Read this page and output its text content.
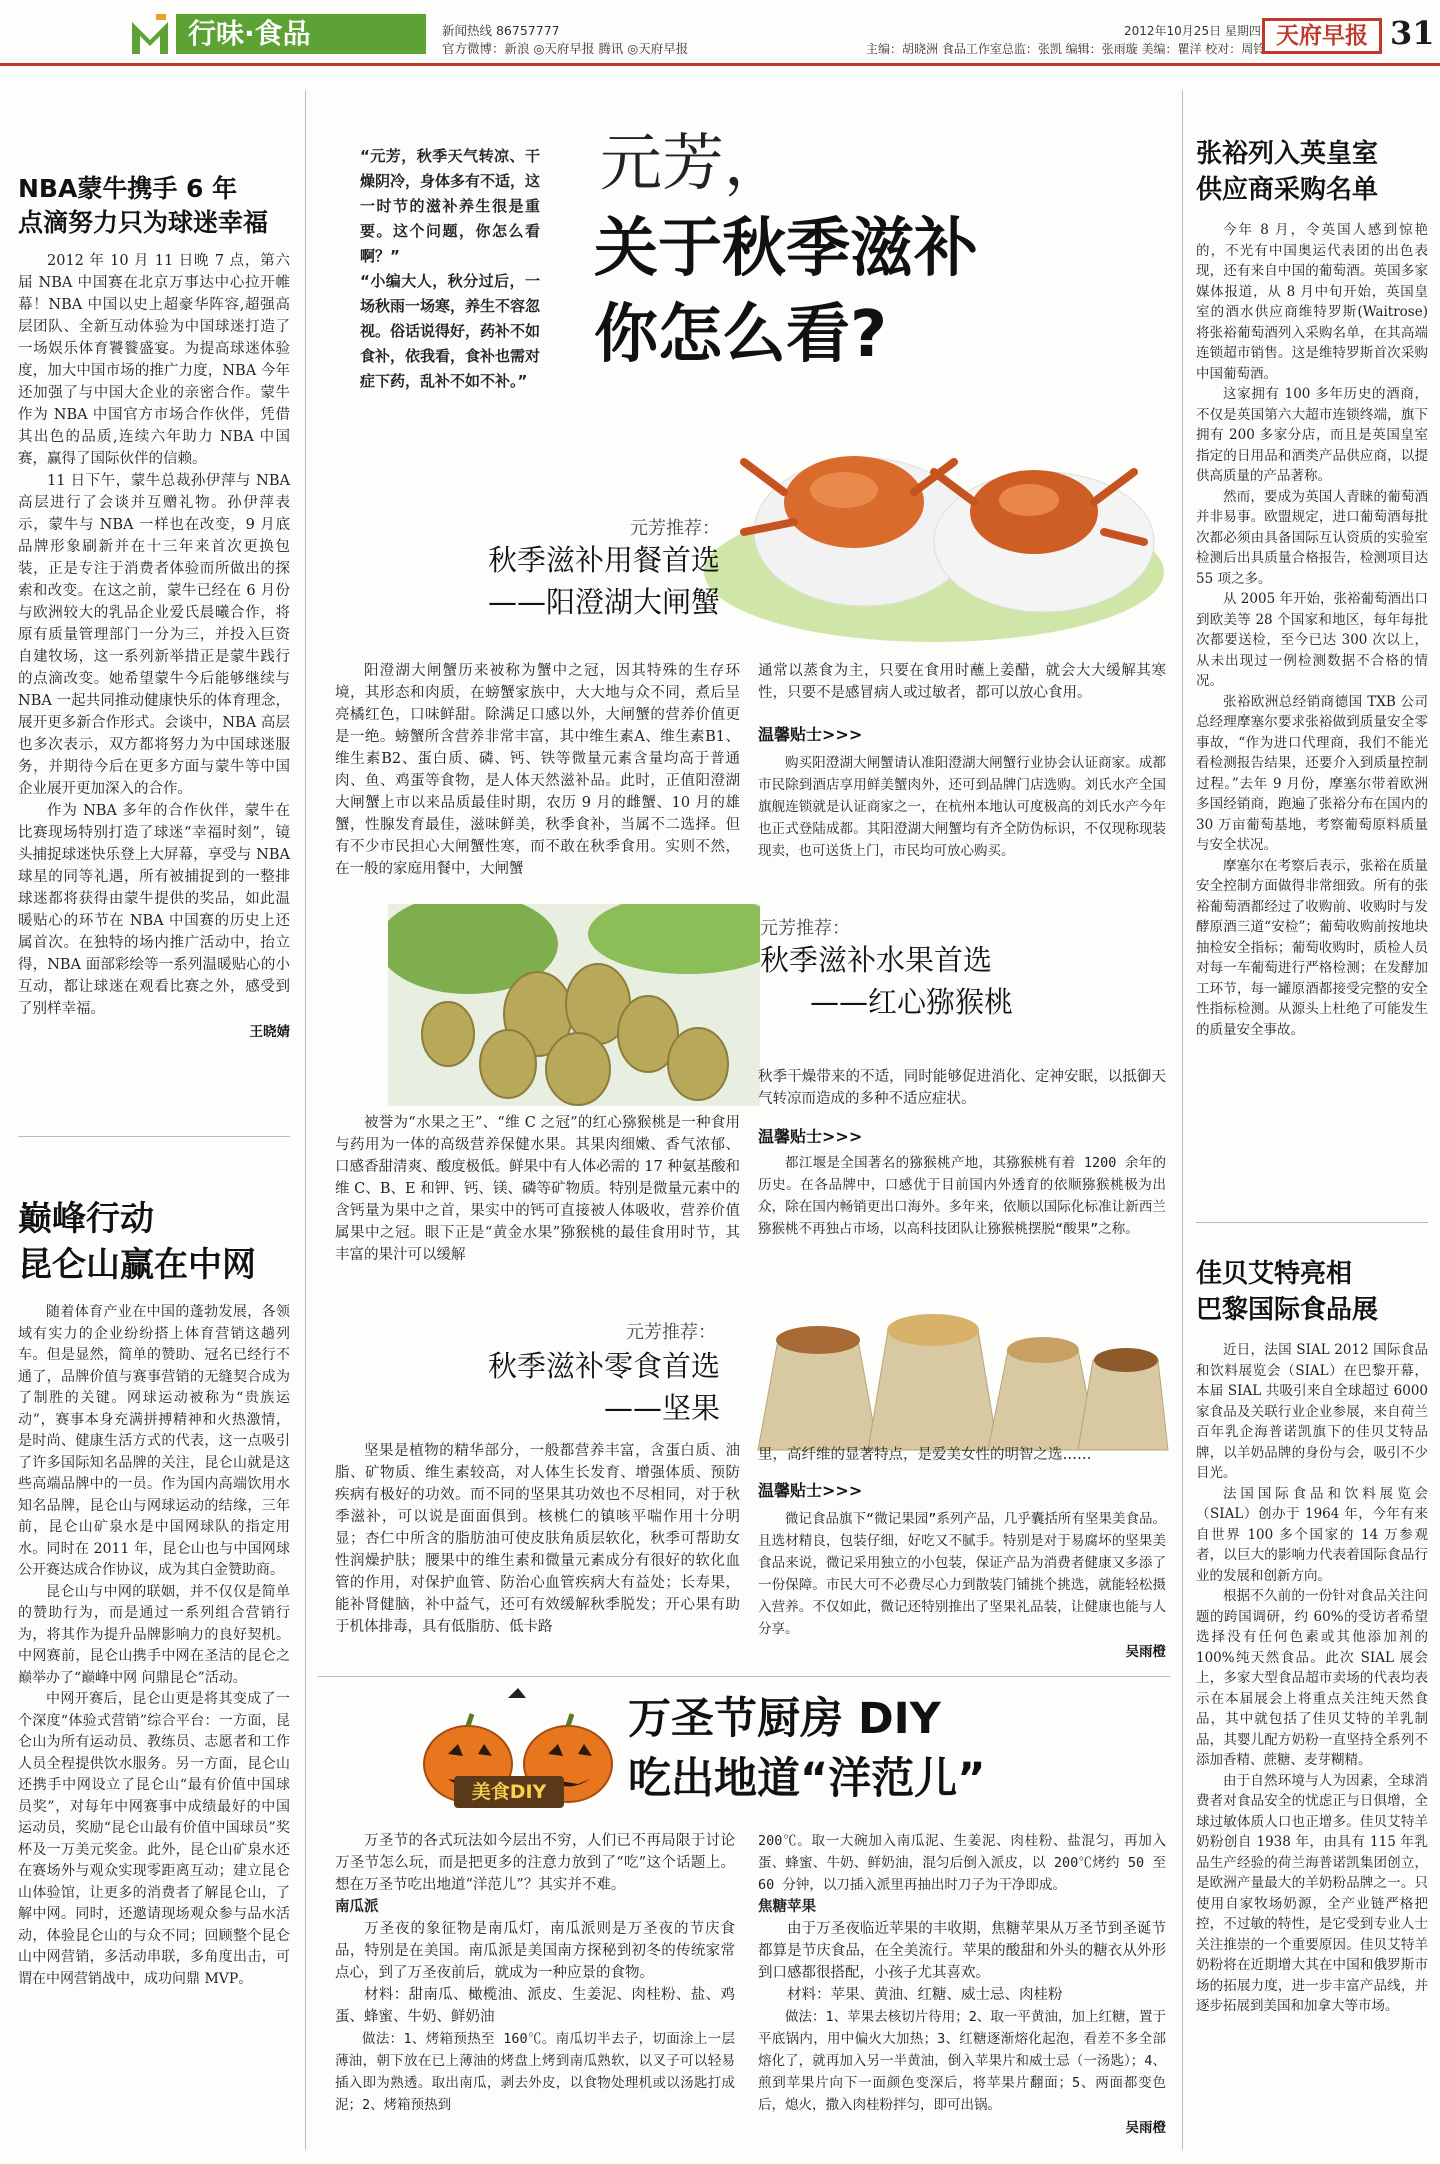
行味·食品	新闻热线 86757777
官方微博：新浪 ◎天府早报 腾讯 ◎天府早报	主编：胡晓洲 食品工作室总监：张凯 编辑：张雨璇 美编：瞿洋 校对：周铃
2012年10月25日 星期四 天府早报 31
NBA蒙牛携手 6 年
点滴努力只为球迷幸福

2012 年 10 月 11 日晚 7 点，第六届 NBA 中国赛在北京万事达中心拉开帷幕！NBA 中国以史上超豪华阵容,超强高层团队、全新互动体验为中国球迷打造了一场娱乐体育饕餮盛宴。为提高球迷体验度，加大中国市场的推广力度，NBA 今年还加强了与中国大企业的亲密合作。蒙牛作为 NBA 中国官方市场合作伙伴，凭借其出色的品质,连续六年助力 NBA 中国赛，赢得了国际伙伴的信赖。

11 日下午，蒙牛总裁孙伊萍与 NBA 高层进行了会谈并互赠礼物。孙伊萍表示，蒙牛与 NBA 一样也在改变，9 月底品牌形象刷新并在十三年来首次更换包装，正是专注于消费者体验而所做出的探索和改变。在这之前，蒙牛已经在 6 月份与欧洲较大的乳品企业爱氏晨曦合作，将原有质量管理部门一分为三，并投入巨资自建牧场，这一系列新举措正是蒙牛践行的点滴改变。她希望蒙牛今后能够继续与 NBA 一起共同推动健康快乐的体育理念，展开更多新合作形式。会谈中，NBA 高层也多次表示，双方都将努力为中国球迷服务，并期待今后在更多方面与蒙牛等中国企业展开更加深入的合作。

作为 NBA 多年的合作伙伴，蒙牛在比赛现场特别打造了球迷“幸福时刻”，镜头捕捉球迷快乐登上大屏幕，享受与 NBA 球星的同等礼遇，所有被捕捉到的一整排球迷都将获得由蒙牛提供的奖品，如此温暖贴心的环节在 NBA 中国赛的历史上还属首次。在独特的场内推广活动中，抬立得，NBA 面部彩绘等一系列温暖贴心的小互动，都让球迷在观看比赛之外，感受到了别样幸福。

王晓婧
巅峰行动
昆仑山赢在中网

随着体育产业在中国的蓬勃发展，各领域有实力的企业纷纷搭上体育营销这趟列车。但是显然，简单的赞助、冠名已经行不通了，品牌价值与赛事营销的无缝契合成为了制胜的关键。网球运动被称为“贵族运动”，赛事本身充满拼搏精神和火热激情，是时尚、健康生活方式的代表，这一点吸引了许多国际知名品牌的关注，昆仑山就是这些高端品牌中的一员。作为国内高端饮用水知名品牌，昆仑山与网球运动的结缘，三年前，昆仑山矿泉水是中国网球队的指定用水。同时在 2011 年，昆仑山也与中国网球公开赛达成合作协议，成为其白金赞助商。

昆仑山与中网的联姻，并不仅仅是简单的赞助行为，而是通过一系列组合营销行为，将其作为提升品牌影响力的良好契机。中网赛前，昆仑山携手中网在圣洁的昆仑之巅举办了“巅峰中网 问鼎昆仑”活动。

中网开赛后，昆仑山更是将其变成了一个深度“体验式营销”综合平台：一方面，昆仑山为所有运动员、教练员、志愿者和工作人员全程提供饮水服务。另一方面，昆仑山还携手中网设立了昆仑山“最有价值中国球员奖”，对每年中网赛事中成绩最好的中国运动员，奖励“昆仑山最有价值中国球员”奖杯及一万美元奖金。此外，昆仑山矿泉水还在赛场外与观众实现零距离互动；建立昆仑山体验馆，让更多的消费者了解昆仑山，了解中网。同时，还邀请现场观众参与品水活动，体验昆仑山的与众不同；回顾整个昆仑山中网营销，多活动串联，多角度出击，可谓在中网营销战中，成功问鼎 MVP。

“元芳，秋季天气转凉、干燥阴冷，身体多有不适，这一时节的滋补养生很是重要。这个问题，你怎么看啊？”
“小编大人，秋分过后，一场秋雨一场寒，养生不容忽视。俗话说得好，药补不如食补，依我看，食补也需对症下药，乱补不如不补。”
元芳，
关于秋季滋补
你怎么看?
元芳推荐：
秋季滋补用餐首选
——阳澄湖大闸蟹

阳澄湖大闸蟹历来被称为蟹中之冠，因其特殊的生存环境，其形态和肉质，在螃蟹家族中，大大地与众不同，煮后呈亮橘红色，口味鲜甜。除满足口感以外，大闸蟹的营养价值更是一绝。螃蟹所含营养非常丰富，其中维生素A、维生素B1、维生素B2、蛋白质、磷、钙、铁等微量元素含量均高于普通肉、鱼、鸡蛋等食物，是人体天然滋补品。此时，正值阳澄湖大闸蟹上市以来品质最佳时期，农历 9 月的雌蟹、10 月的雄蟹，性腺发育最佳，滋味鲜美，秋季食补，当属不二选择。但有不少市民担心大闸蟹性寒，而不敢在秋季食用。实则不然，在一般的家庭用餐中，大闸蟹

通常以蒸食为主，只要在食用时蘸上姜醋，就会大大缓解其寒性，只要不是感冒病人或过敏者，都可以放心食用。

温馨贴士>>>

购买阳澄湖大闸蟹请认准阳澄湖大闸蟹行业协会认证商家。成都市民除到酒店享用鲜美蟹肉外，还可到品牌门店选购。刘氏水产全国旗舰连锁就是认证商家之一，在杭州本地认可度极高的刘氏水产今年也正式登陆成都。其阳澄湖大闸蟹均有齐全防伪标识，不仅现称现装现卖，也可送货上门，市民均可放心购买。

元芳推荐：
秋季滋补水果首选
——红心猕猴桃

被誉为“水果之王”、“维 C 之冠”的红心猕猴桃是一种食用与药用为一体的高级营养保健水果。其果肉细嫩、香气浓郁、口感香甜清爽、酸度极低。鲜果中有人体必需的 17 种氨基酸和维 C、B、E 和钾、钙、镁、磷等矿物质。特别是微量元素中的含钙量为果中之首，果实中的钙可直接被人体吸收，营养价值属果中之冠。眼下正是“黄金水果”猕猴桃的最佳食用时节，其丰富的果汁可以缓解

秋季干燥带来的不适，同时能够促进消化、定神安眠，以抵御天气转凉而造成的多种不适应症状。

温馨贴士>>>

都江堰是全国著名的猕猴桃产地，其猕猴桃有着 1200 余年的历史。在各品牌中，口感优于目前国内外透育的依顺猕猴桃极为出众，除在国内畅销更出口海外。多年来，依顺以国际化标准让新西兰猕猴桃不再独占市场，以高科技团队让猕猴桃摆脱“酸果”之称。

元芳推荐：
秋季滋补零食首选
——坚果

坚果是植物的精华部分，一般都营养丰富，含蛋白质、油脂、矿物质、维生素较高，对人体生长发育、增强体质、预防疾病有极好的功效。而不同的坚果其功效也不尽相同，对于秋季滋补，可以说是面面俱到。核桃仁的镇咳平喘作用十分明显；杏仁中所含的脂肪油可使皮肤角质层软化，秋季可帮助女性润燥护肤；腰果中的维生素和微量元素成分有很好的软化血管的作用，对保护血管、防治心血管疾病大有益处；长寿果，能补肾健脑，补中益气，还可有效缓解秋季脱发；开心果有助于机体排毒，具有低脂肪、低卡路

里，高纤维的显著特点，是爱美女性的明智之选……

温馨贴士>>>

微记食品旗下“微记果园”系列产品，几乎囊括所有坚果美食品。且选材精良，包装仔细，好吃又不腻手。特别是对于易腐坏的坚果美食品来说，微记采用独立的小包装，保证产品为消费者健康又多添了一份保障。市民大可不必费尽心力到散装门铺挑个挑选，就能轻松摄入营养。不仅如此，微记还特别推出了坚果礼品装，让健康也能与人分享。

吴雨橙
美食DIY
万圣节厨房 DIY
吃出地道“洋范儿”

万圣节的各式玩法如今层出不穷，人们已不再局限于讨论万圣节怎么玩，而是把更多的注意力放到了“吃”这个话题上。想在万圣节吃出地道“洋范儿”？其实并不难。

南瓜派

万圣夜的象征物是南瓜灯，南瓜派则是万圣夜的节庆食品，特别是在美国。南瓜派是美国南方探秘到初冬的传统家常点心，到了万圣夜前后，就成为一种应景的食物。

材料：甜南瓜、橄榄油、派皮、生姜泥、肉桂粉、盐、鸡蛋、蜂蜜、牛奶、鲜奶油

做法：1、烤箱预热至 160℃。南瓜切半去子，切面涂上一层薄油，朝下放在已上薄油的烤盘上烤到南瓜熟软，以叉子可以轻易插入即为熟透。取出南瓜，剥去外皮，以食物处理机或以汤匙打成泥；2、烤箱预热到

200℃。取一大碗加入南瓜泥、生姜泥、肉桂粉、盐混匀，再加入蛋、蜂蜜、牛奶、鲜奶油，混匀后倒入派皮，以 200℃烤约 50 至 60 分钟，以刀插入派里再抽出时刀子为干净即成。

焦糖苹果

由于万圣夜临近苹果的丰收期，焦糖苹果从万圣节到圣诞节都算是节庆食品，在全美流行。苹果的酸甜和外头的糖衣从外形到口感都很搭配，小孩子尤其喜欢。

材料：苹果、黄油、红糖、威士忌、肉桂粉

做法：1、苹果去核切片待用；2、取一平黄油，加上红糖，置于平底锅内，用中偏火大加热；3、红糖逐渐熔化起泡，看差不多全部熔化了，就再加入另一半黄油，倒入苹果片和威士忌（一汤匙）；4、煎到苹果片向下一面颜色变深后，将苹果片翻面；5、两面都变色后，熄火，撒入肉桂粉拌匀，即可出锅。

吴雨橙
张裕列入英皇室
供应商采购名单

今年 8 月，令英国人感到惊艳的，不光有中国奥运代表团的出色表现，还有来自中国的葡萄酒。英国多家媒体报道，从 8 月中旬开始，英国皇室的酒水供应商维特罗斯(Waitrose)将张裕葡萄酒列入采购名单，在其高端连锁超市销售。这是维特罗斯首次采购中国葡萄酒。

这家拥有 100 多年历史的酒商，不仅是英国第六大超市连锁终端，旗下拥有 200 多家分店，而且是英国皇室指定的日用品和酒类产品供应商，以提供高质量的产品著称。

然而，要成为英国人青睐的葡萄酒并非易事。欧盟规定，进口葡萄酒每批次都必须由具备国际互认资质的实验室检测后出具质量合格报告，检测项目达 55 项之多。

从 2005 年开始，张裕葡萄酒出口到欧美等 28 个国家和地区，每年每批次都要送检，至今已达 300 次以上，从未出现过一例检测数据不合格的情况。

张裕欧洲总经销商德国 TXB 公司总经理摩塞尔要求张裕做到质量安全零事故，“作为进口代理商，我们不能光看检测报告结果，还要介入到质量控制过程。”去年 9 月份，摩塞尔带着欧洲多国经销商，跑遍了张裕分布在国内的 30 万亩葡萄基地，考察葡萄原料质量与安全状况。

摩塞尔在考察后表示，张裕在质量安全控制方面做得非常细致。所有的张裕葡萄酒都经过了收购前、收购时与发酵原酒三道“安检”；葡萄收购前按地块抽检安全指标；葡萄收购时，质检人员对每一车葡萄进行严格检测；在发酵加工环节，每一罐原酒都接受完整的安全性指标检测。从源头上杜绝了可能发生的质量安全事故。

佳贝艾特亮相
巴黎国际食品展

近日，法国 SIAL 2012 国际食品和饮料展览会（SIAL）在巴黎开幕，本届 SIAL 共吸引来自全球超过 6000 家食品及关联行业企业参展，来自荷兰百年乳企海普诺凯旗下的佳贝艾特品牌，以羊奶品牌的身份与会，吸引不少目光。

法国国际食品和饮料展览会（SIAL）创办于 1964 年，今年有来自世界 100 多个国家的 14 万参观者，以巨大的影响力代表着国际食品行业的发展和创新方向。

根据不久前的一份针对食品关注问题的跨国调研，约 60%的受访者希望选择没有任何色素或其他添加剂的 100%纯天然食品。此次 SIAL 展会上，多家大型食品超市卖场的代表均表示在本届展会上将重点关注纯天然食品，其中就包括了佳贝艾特的羊乳制品，其婴儿配方奶粉一直坚持全系列不添加香精、蔗糖、麦芽糊精。

由于自然环境与人为因素，全球消费者对食品安全的忧虑正与日俱增，全球过敏体质人口也正增多。佳贝艾特羊奶粉创自 1938 年，由具有 115 年乳品生产经验的荷兰海普诺凯集团创立，是欧洲产量最大的羊奶粉品牌之一。只使用自家牧场奶源，全产业链严格把控，不过敏的特性，是它受到专业人士关注推崇的一个重要原因。佳贝艾特羊奶粉将在近期增大其在中国和俄罗斯市场的拓展力度，进一步丰富产品线，并逐步拓展到美国和加拿大等市场。
